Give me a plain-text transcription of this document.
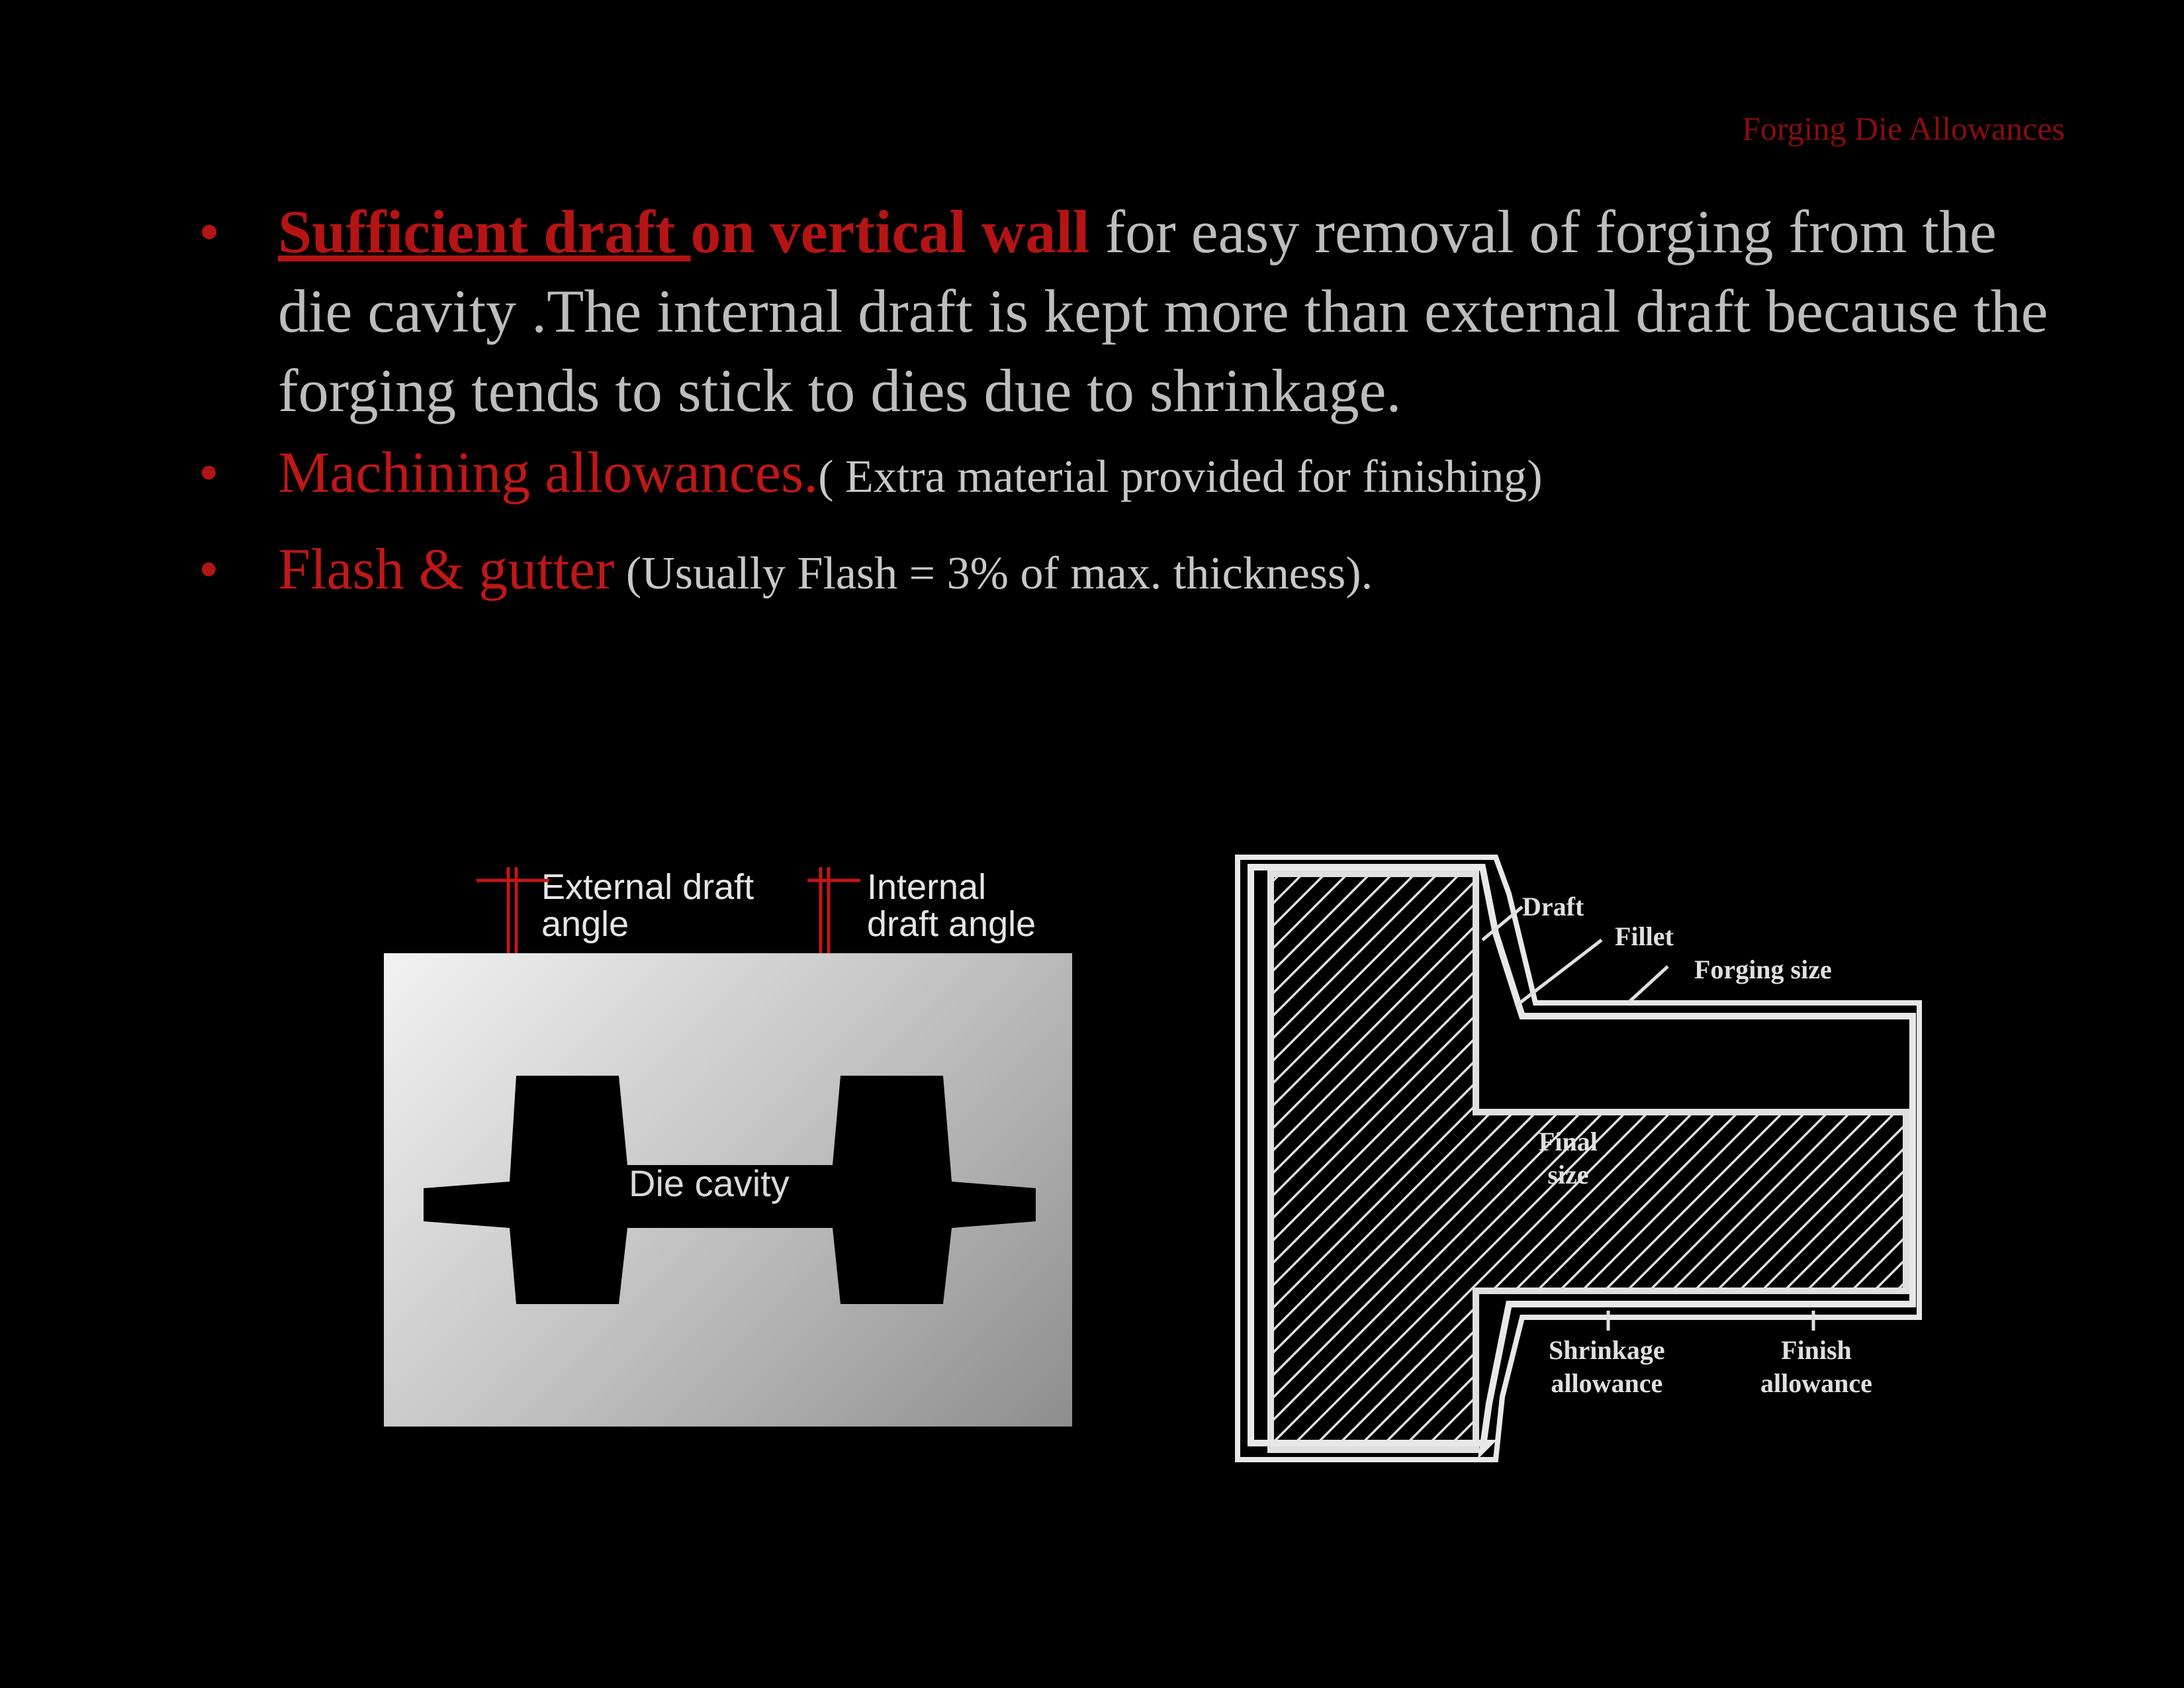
Forging Die Allowances
• Sufficient draft on vertical wall for easy removal of forging from the die cavity .The internal draft is kept more than external draft because the forging tends to stick to dies due to shrinkage.
• Machining allowances.( Extra material provided for finishing)
• Flash & gutter (Usually Flash = 3% of max. thickness).
External draft
angle
Internal
draft angle
Die cavity
Draft
Fillet
Forging size
Final
size
Shrinkage
allowance
Finish
allowance
